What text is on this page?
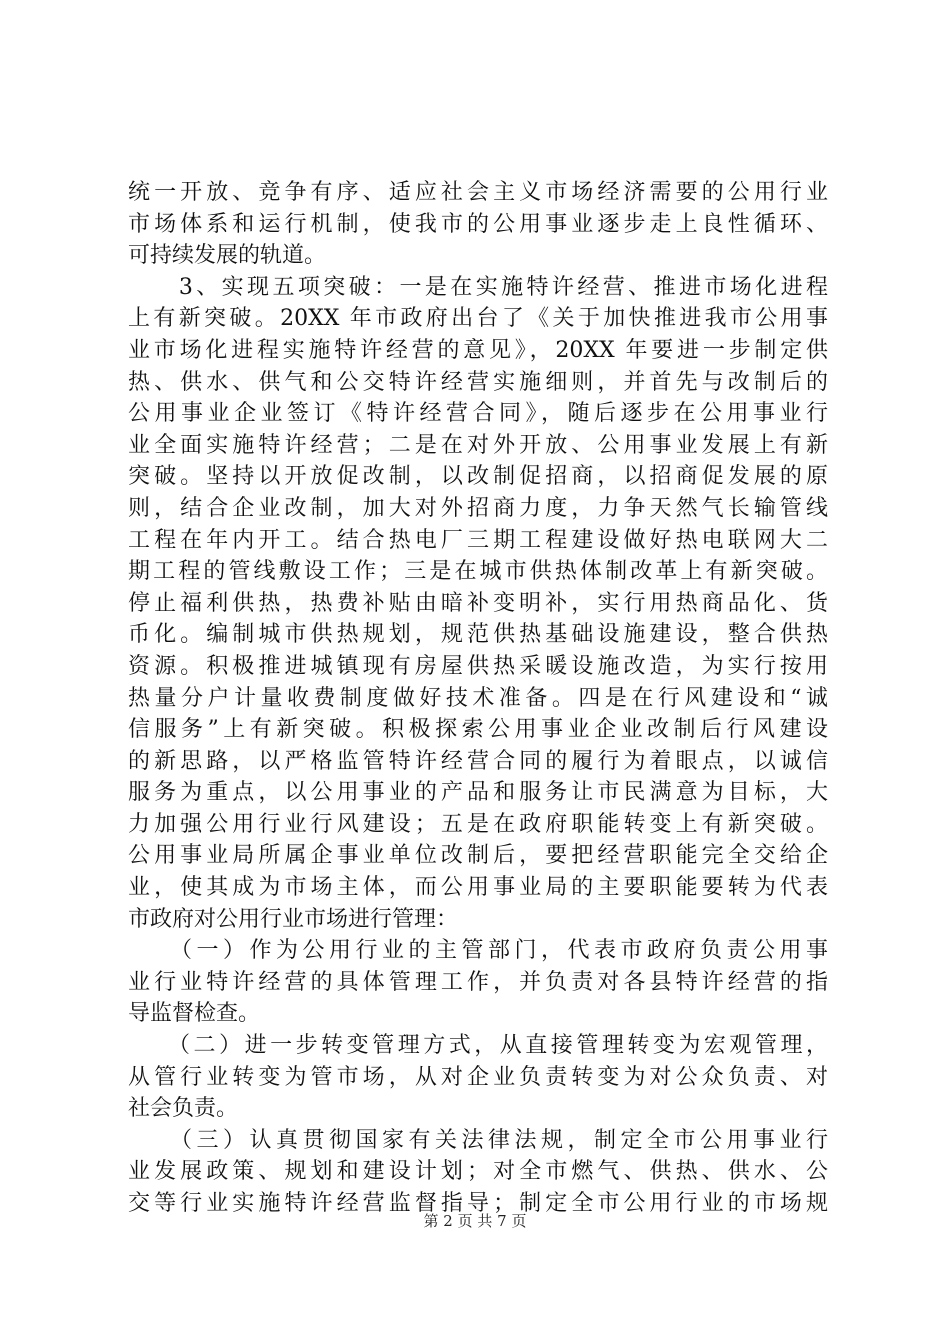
统一开放、竞争有序、适应社会主义市场经济需要的公用行业
市场体系和运行机制，使我市的公用事业逐步走上良性循环、
可持续发展的轨道。
　　3、实现五项突破：一是在实施特许经营、推进市场化进程
上有新突破。20XX 年市政府出台了《关于加快推进我市公用事
业市场化进程实施特许经营的意见》，20XX 年要进一步制定供
热、供水、供气和公交特许经营实施细则，并首先与改制后的
公用事业企业签订《特许经营合同》，随后逐步在公用事业行
业全面实施特许经营；二是在对外开放、公用事业发展上有新
突破。坚持以开放促改制，以改制促招商，以招商促发展的原
则，结合企业改制，加大对外招商力度，力争天然气长输管线
工程在年内开工。结合热电厂三期工程建设做好热电联网大二
期工程的管线敷设工作；三是在城市供热体制改革上有新突破。
停止福利供热，热费补贴由暗补变明补，实行用热商品化、货
币化。编制城市供热规划，规范供热基础设施建设，整合供热
资源。积极推进城镇现有房屋供热采暖设施改造，为实行按用
热量分户计量收费制度做好技术准备。四是在行风建设和“诚
信服务”上有新突破。积极探索公用事业企业改制后行风建设
的新思路，以严格监管特许经营合同的履行为着眼点，以诚信
服务为重点，以公用事业的产品和服务让市民满意为目标，大
力加强公用行业行风建设；五是在政府职能转变上有新突破。
公用事业局所属企事业单位改制后，要把经营职能完全交给企
业，使其成为市场主体，而公用事业局的主要职能要转为代表
市政府对公用行业市场进行管理：
　　（一）作为公用行业的主管部门，代表市政府负责公用事
业行业特许经营的具体管理工作，并负责对各县特许经营的指
导监督检查。
　　（二）进一步转变管理方式，从直接管理转变为宏观管理，
从管行业转变为管市场，从对企业负责转变为对公众负责、对
社会负责。
　　（三）认真贯彻国家有关法律法规，制定全市公用事业行
业发展政策、规划和建设计划；对全市燃气、供热、供水、公
交等行业实施特许经营监督指导；制定全市公用行业的市场规
第 2 页 共 7 页
